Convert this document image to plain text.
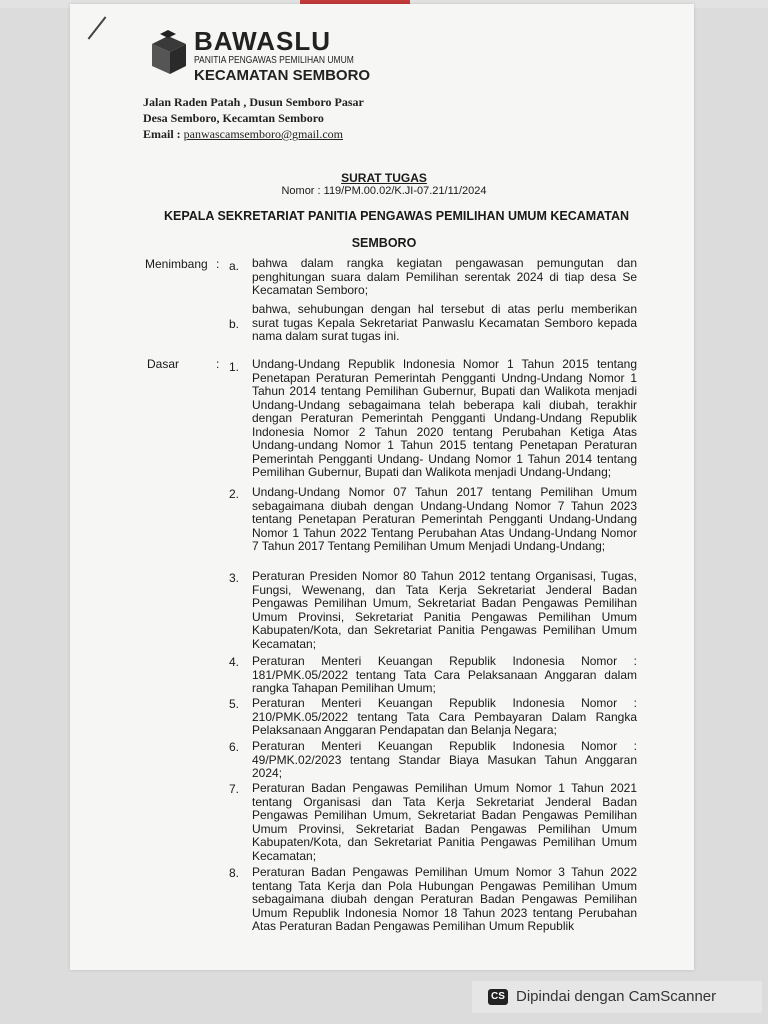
BAWASLU
PANITIA PENGAWAS PEMILIHAN UMUM
KECAMATAN SEMBORO
Jalan Raden Patah , Dusun Semboro Pasar
Desa Semboro, Kecamtan Semboro
Email : panwascamsemboro@gmail.com
SURAT TUGAS
Nomor : 119/PM.00.02/K.JI-07.21/11/2024
KEPALA SEKRETARIAT PANITIA PENGAWAS PEMILIHAN UMUM KECAMATAN
SEMBORO
Menimbang : a. bahwa dalam rangka kegiatan pengawasan pemungutan dan penghitungan suara dalam Pemilihan serentak 2024 di tiap desa Se Kecamatan Semboro;
b.
bahwa, sehubungan dengan hal tersebut di atas perlu memberikan surat tugas Kepala Sekretariat Panwaslu Kecamatan Semboro kepada nama dalam surat tugas ini.
Dasar	: 1. Undang-Undang Republik Indonesia Nomor 1 Tahun 2015 tentang Penetapan Peraturan Pemerintah Pengganti Undng-Undang Nomor 1 Tahun 2014 tentang Pemilihan Gubernur, Bupati dan Walikota menjadi Undang-Undang sebagaimana telah beberapa kali diubah, terakhir dengan Peraturan Pemerintah Pengganti Undang-Undang Republik Indonesia Nomor 2 Tahun 2020 tentang Perubahan Ketiga Atas Undang-undang Nomor 1 Tahun 2015 tentang Penetapan Peraturan Pemerintah Pengganti Undang- Undang Nomor 1 Tahun 2014 tentang Pemilihan Gubernur, Bupati dan Walikota menjadi Undang-Undang;
2. Undang-Undang Nomor 07 Tahun 2017 tentang Pemilihan Umum sebagaimana diubah dengan Undang-Undang Nomor 7 Tahun 2023 tentang Penetapan Peraturan Pemerintah Pengganti Undang-Undang Nomor 1 Tahun 2022 Tentang Perubahan Atas Undang-Undang Nomor 7 Tahun 2017 Tentang Pemilihan Umum Menjadi Undang-Undang;
3. Peraturan Presiden Nomor 80 Tahun 2012 tentang Organisasi, Tugas, Fungsi, Wewenang, dan Tata Kerja Sekretariat Jenderal Badan Pengawas Pemilihan Umum, Sekretariat Badan Pengawas Pemilihan Umum Provinsi, Sekretariat Panitia Pengawas Pemilihan Umum Kabupaten/Kota, dan Sekretariat Panitia Pengawas Pemilihan Umum Kecamatan;
4. Peraturan Menteri Keuangan Republik Indonesia Nomor : 181/PMK.05/2022 tentang Tata Cara Pelaksanaan Anggaran dalam rangka Tahapan Pemilihan Umum;
5. Peraturan Menteri Keuangan Republik Indonesia Nomor : 210/PMK.05/2022 tentang Tata Cara Pembayaran Dalam Rangka Pelaksanaan Anggaran Pendapatan dan Belanja Negara;
6. Peraturan Menteri Keuangan Republik Indonesia Nomor : 49/PMK.02/2023 tentang Standar Biaya Masukan Tahun Anggaran 2024;
7. Peraturan Badan Pengawas Pemilihan Umum Nomor 1 Tahun 2021 tentang Organisasi dan Tata Kerja Sekretariat Jenderal Badan Pengawas Pemilihan Umum, Sekretariat Badan Pengawas Pemilihan Umum Provinsi, Sekretariat Badan Pengawas Pemilihan Umum Kabupaten/Kota, dan Sekretariat Panitia Pengawas Pemilihan Umum Kecamatan;
8. Peraturan Badan Pengawas Pemilihan Umum Nomor 3 Tahun 2022 tentang Tata Kerja dan Pola Hubungan Pengawas Pemilihan Umum sebagaimana diubah dengan Peraturan Badan Pengawas Pemilihan Umum Republik Indonesia Nomor 18 Tahun 2023 tentang Perubahan Atas Peraturan Badan Pengawas Pemilihan Umum Republik
CS Dipindai dengan CamScanner
